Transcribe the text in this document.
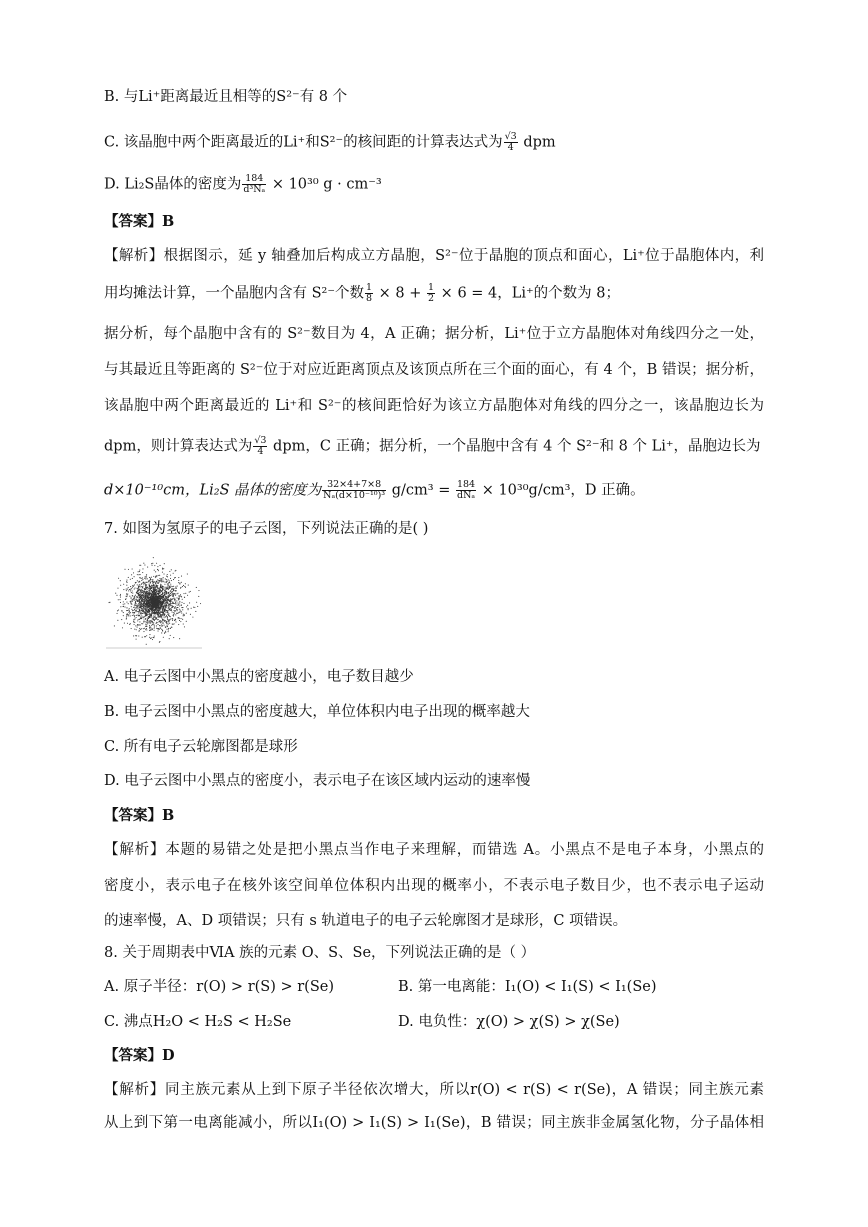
B. 与Li⁺距离最近且相等的S²⁻有 8 个
C. 该晶胞中两个距离最近的Li⁺和S²⁻的核间距的计算表达式为 $\frac{√3}{4}$ dpm
D. Li₂S晶体的密度为 $\frac{184}{\text{d³Nₐ}} \times 10^{30}$ g · cm⁻³
【答案】B
【解析】根据图示，延 y 轴叠加后构成立方晶胞，S²⁻位于晶胞的顶点和面心，Li⁺位于晶胞体内，利
用均摊法计算，一个晶胞内含有 S²⁻个数 $\frac{1}{8} \times 8 + \frac{1}{2} \times 6 = 4$，Li⁺的个数为 8；
据分析，每个晶胞中含有的 S²⁻数目为 4，A 正确；据分析，Li⁺位于立方晶胞体对角线四分之一处，
与其最近且等距离的 S²⁻位于对应近距离顶点及该顶点所在三个面的面心，有 4 个，B 错误；据分析，
该晶胞中两个距离最近的 Li⁺和 S²⁻的核间距恰好为该立方晶胞体对角线的四分之一，该晶胞边长为
dpm，则计算表达式为 $\frac{√3}{4}$ dpm，C 正确；据分析，一个晶胞中含有 4 个 S²⁻和 8 个 Li⁺，晶胞边长为
d×10⁻¹⁰cm，Li₂S 晶体的密度为 $\frac{32\times 4+7\times 8}{\text{Nₐ(d×10⁻¹⁰)³}} g/cm^3 = \frac{184}{\text{dNₐ}} \times 10^{30}g/cm^3$，D 正确。
7. 如图为氢原子的电子云图，下列说法正确的是( )
A. 电子云图中小黑点的密度越小，电子数目越少
B. 电子云图中小黑点的密度越大，单位体积内电子出现的概率越大
C. 所有电子云轮廓图都是球形
D. 电子云图中小黑点的密度小，表示电子在该区域内运动的速率慢
【答案】B
【解析】本题的易错之处是把小黑点当作电子来理解，而错选 A。小黑点不是电子本身，小黑点的
密度小，表示电子在核外该空间单位体积内出现的概率小，不表示电子数目少，也不表示电子运动
的速率慢，A、D 项错误；只有 s 轨道电子的电子云轮廓图才是球形，C 项错误。
8. 关于周期表中ⅥA 族的元素 O、S、Se，下列说法正确的是（ ）
A. 原子半径：r(O) > r(S) > r(Se)	B. 第一电离能：I₁(O) < I₁(S) < I₁(Se)
C. 沸点H₂O < H₂S < H₂Se	D. 电负性：χ(O) > χ(S) > χ(Se)
【答案】D
【解析】同主族元素从上到下原子半径依次增大，所以r(O) < r(S) < r(Se)，A 错误；同主族元素
从上到下第一电离能减小，所以I₁(O) > I₁(S) > I₁(Se)，B 错误；同主族非金属氢化物，分子晶体相
